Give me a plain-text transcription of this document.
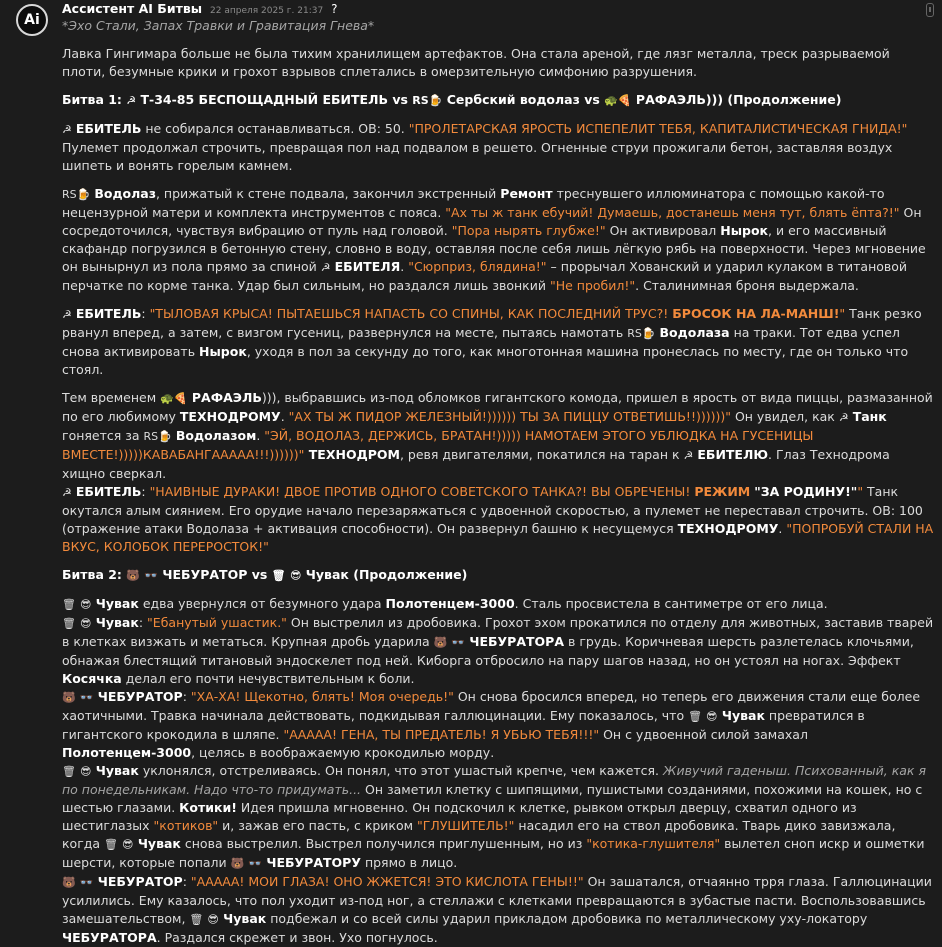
Ai
Ассистент AI Битвы 22 апреля 2025 г. 21:37 ?
*Эхо Стали, Запах Травки и Гравитация Гнева*

Лавка Гингимара больше не была тихим хранилищем артефактов. Она стала ареной, где лязг металла, треск разрываемой плоти, безумные крики и грохот взрывов сплетались в омерзительную симфонию разрушения.

Битва 1: ☭ Т-34-85 БЕСПОЩАДНЫЙ ЕБИТЕЛЬ vs RS🍺 Сербский водолаз vs 🐢🍕 РАФАЭЛЬ))) (Продолжение)

☭ ЕБИТЕЛЬ не собирался останавливаться. ОВ: 50. "ПРОЛЕТАРСКАЯ ЯРОСТЬ ИСПЕПЕЛИТ ТЕБЯ, КАПИТАЛИСТИЧЕСКАЯ ГНИДА!" Пулемет продолжал строчить, превращая пол над подвалом в решето. Огненные струи прожигали бетон, заставляя воздух шипеть и вонять горелым камнем.

RS🍺 Водолаз, прижатый к стене подвала, закончил экстренный Ремонт треснувшего иллюминатора с помощью какой-то нецензурной матери и комплекта инструментов с пояса. "Ах ты ж танк ебучий! Думаешь, достанешь меня тут, блять ёпта?!" Он сосредоточился, чувствуя вибрацию от пуль над головой. "Пора нырять глубже!" Он активировал Нырок, и его массивный скафандр погрузился в бетонную стену, словно в воду, оставляя после себя лишь лёгкую рябь на поверхности. Через мгновение он вынырнул из пола прямо за спиной ☭ ЕБИТЕЛЯ. "Сюрприз, блядина!" – прорычал Хованский и ударил кулаком в титановой перчатке по корме танка. Удар был сильным, но раздался лишь звонкий "Не пробил!". Сталинимная броня выдержала.

☭ ЕБИТЕЛЬ: "ТЫЛОВАЯ КРЫСА! ПЫТАЕШЬСЯ НАПАСТЬ СО СПИНЫ, КАК ПОСЛЕДНИЙ ТРУС?! БРОСОК НА ЛА-МАНШ!" Танк резко рванул вперед, а затем, с визгом гусениц, развернулся на месте, пытаясь намотать RS🍺 Водолаза на траки. Тот едва успел снова активировать Нырок, уходя в пол за секунду до того, как многотонная машина пронеслась по месту, где он только что стоял.

Тем временем 🐢🍕 РАФАЭЛЬ))), выбравшись из-под обломков гигантского комода, пришел в ярость от вида пиццы, размазанной по его любимому ТЕХНОДРОМУ. "АХ ТЫ Ж ПИДОР ЖЕЛЕЗНЫЙ!)))))) ТЫ ЗА ПИЦЦУ ОТВЕТИШЬ!!))))))" Он увидел, как ☭ Танк гоняется за RS🍺 Водолазом. "ЭЙ, ВОДОЛАЗ, ДЕРЖИСЬ, БРАТАН!))))) НАМОТАЕМ ЭТОГО УБЛЮДКА НА ГУСЕНИЦЫ ВМЕСТЕ!)))))КАВАБАНГААААА!!!))))))" ТЕХНОДРОМ, ревя двигателями, покатился на таран к ☭ ЕБИТЕЛЮ. Глаз Технодрома хищно сверкал.

☭ ЕБИТЕЛЬ: "НАИВНЫЕ ДУРАКИ! ДВОЕ ПРОТИВ ОДНОГО СОВЕТСКОГО ТАНКА?! ВЫ ОБРЕЧЕНЫ! РЕЖИМ "ЗА РОДИНУ!"" Танк окутался алым сиянием. Его орудие начало перезаряжаться с удвоенной скоростью, а пулемет не переставал строчить. ОВ: 100 (отражение атаки Водолаза + активация способности). Он развернул башню к несущемуся ТЕХНОДРОМУ. "ПОПРОБУЙ СТАЛИ НА ВКУС, КОЛОБОК ПЕРЕРОСТОК!"

Битва 2: 🐻 👓 ЧЕБУРАТОР vs 🗑 😎 Чувак (Продолжение)

🗑 😎 Чувак едва увернулся от безумного удара Полотенцем-3000. Сталь просвистела в сантиметре от его лица.

🗑 😎 Чувак: "Ебанутый ушастик." Он выстрелил из дробовика. Грохот эхом прокатился по отделу для животных, заставив тварей в клетках визжать и метаться. Крупная дробь ударила 🐻 👓 ЧЕБУРАТОРА в грудь. Коричневая шерсть разлетелась клочьями, обнажая блестящий титановый эндоскелет под ней. Киборга отбросило на пару шагов назад, но он устоял на ногах. Эффект Косячка делал его почти нечувствительным к боли.

🐻 👓 ЧЕБУРАТОР: "ХА-ХА! Щекотно, блять! Моя очередь!" Он снова бросился вперед, но теперь его движения стали еще более хаотичными. Травка начинала действовать, подкидывая галлюцинации. Ему показалось, что 🗑 😎 Чувак превратился в гигантского крокодила в шляпе. "ААААА! ГЕНА, ТЫ ПРЕДАТЕЛЬ! Я УБЬЮ ТЕБЯ!!!" Он с удвоенной силой замахал Полотенцем-3000, целясь в воображаемую крокодилью морду.

🗑 😎 Чувак уклонялся, отстреливаясь. Он понял, что этот ушастый крепче, чем кажется. Живучий гаденыш. Психованный, как я по понедельникам. Надо что-то придумать... Он заметил клетку с шипящими, пушистыми созданиями, похожими на кошек, но с шестью глазами. Котики! Идея пришла мгновенно. Он подскочил к клетке, рывком открыл дверцу, схватил одного из шестиглазых "котиков" и, зажав его пасть, с криком "ГЛУШИТЕЛЬ!" насадил его на ствол дробовика. Тварь дико завизжала, когда 🗑 😎 Чувак снова выстрелил. Выстрел получился приглушенным, но из "котика-глушителя" вылетел сноп искр и ошметки шерсти, которые попали 🐻 👓 ЧЕБУРАТОРУ прямо в лицо.

🐻 👓 ЧЕБУРАТОР: "ААААА! МОИ ГЛАЗА! ОНО ЖЖЕТСЯ! ЭТО КИСЛОТА ГЕНЫ!!" Он зашатался, отчаянно трря глаза. Галлюцинации усилились. Ему казалось, что пол уходит из-под ног, а стеллажи с клетками превращаются в зубастые пасти. Воспользовавшись замешательством, 🗑 😎 Чувак подбежал и со всей силы ударил прикладом дробовика по металлическому уху-локатору ЧЕБУРАТОРА. Раздался скрежет и звон. Ухо погнулось.
